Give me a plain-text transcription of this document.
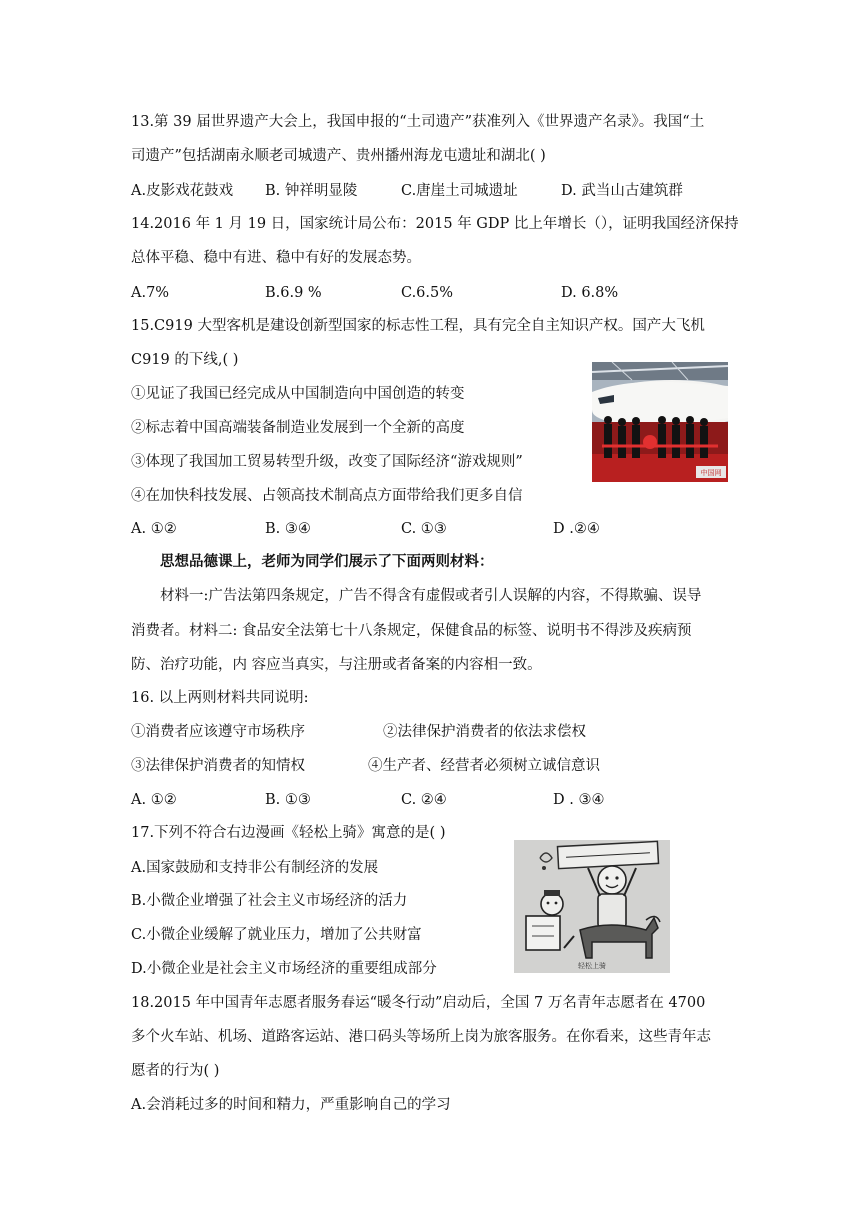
13.第 39 届世界遗产大会上，我国申报的“土司遗产”获准列入《世界遗产名录》。我国“土
司遗产”包括湖南永顺老司城遗产、贵州播州海龙屯遗址和湖北( )
A.皮影戏花鼓戏 B. 钟祥明显陵	C.唐崖土司城遗址	D. 武当山古建筑群
14.2016 年 1 月 19 日，国家统计局公布：2015 年 GDP 比上年增长（），证明我国经济保持
总体平稳、稳中有进、稳中有好的发展态势。
A.7%	B.6.9 %	C.6.5%	D. 6.8%
15.C919 大型客机是建设创新型国家的标志性工程，具有完全自主知识产权。国产大飞机
C919 的下线,( )
①见证了我国已经完成从中国制造向中国创造的转变
②标志着中国高端装备制造业发展到一个全新的高度
③体现了我国加工贸易转型升级，改变了国际经济“游戏规则”
④在加快科技发展、占领高技术制高点方面带给我们更多自信
A. ①②	B. ③④	C. ①③	D .②④
中国网
思想品德课上，老师为同学们展示了下面两则材料：
材料一:广告法第四条规定，广告不得含有虚假或者引人误解的内容，不得欺骗、误导
消费者。材料二: 食品安全法第七十八条规定，保健食品的标签、说明书不得涉及疾病预
防、治疗功能，内 容应当真实，与注册或者备案的内容相一致。
16. 以上两则材料共同说明:
①消费者应该遵守市场秩序	②法律保护消费者的依法求偿权
③法律保护消费者的知情权	④生产者、经营者必须树立诚信意识
A. ①②	B. ①③	C. ②④	D . ③④
17.下列不符合右边漫画《轻松上骑》寓意的是( )
A.国家鼓励和支持非公有制经济的发展
B.小微企业增强了社会主义市场经济的活力
C.小微企业缓解了就业压力，增加了公共财富
D.小微企业是社会主义市场经济的重要组成部分	轻松上骑
18.2015 年中国青年志愿者服务春运“暖冬行动”启动后，全国 7 万名青年志愿者在 4700
多个火车站、机场、道路客运站、港口码头等场所上岗为旅客服务。在你看来，这些青年志
愿者的行为( )
A.会消耗过多的时间和精力，严重影响自己的学习
